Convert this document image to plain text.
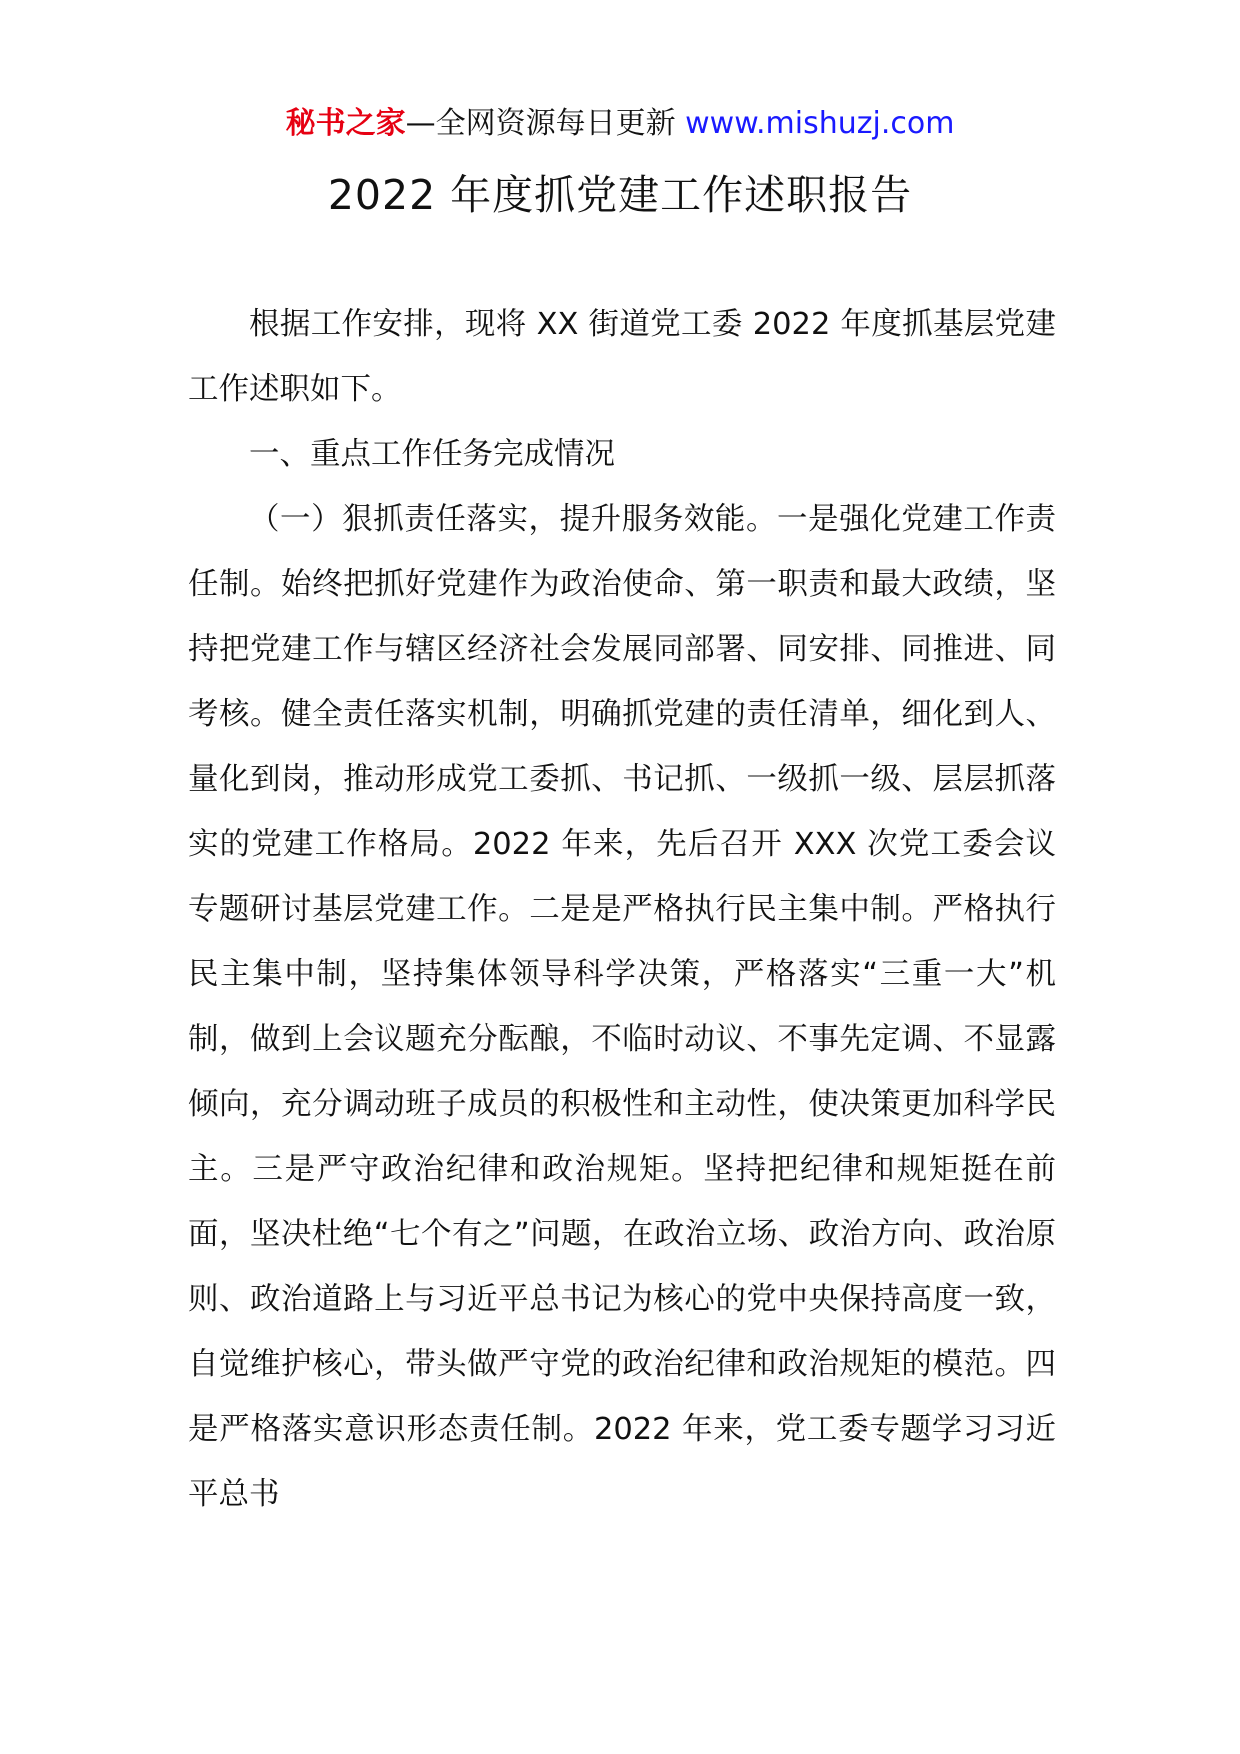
秘书之家—全网资源每日更新 www.mishuzj.com
2022 年度抓党建工作述职报告

根据工作安排，现将 XX 街道党工委 2022 年度抓基层党建工作述职如下。

一、重点工作任务完成情况

（一）狠抓责任落实，提升服务效能。一是强化党建工作责任制。始终把抓好党建作为政治使命、第一职责和最大政绩，坚持把党建工作与辖区经济社会发展同部署、同安排、同推进、同考核。健全责任落实机制，明确抓党建的责任清单，细化到人、量化到岗，推动形成党工委抓、书记抓、一级抓一级、层层抓落实的党建工作格局。2022 年来，先后召开 XXX 次党工委会议专题研讨基层党建工作。二是是严格执行民主集中制。严格执行民主集中制，坚持集体领导科学决策，严格落实“三重一大”机制，做到上会议题充分酝酿，不临时动议、不事先定调、不显露倾向，充分调动班子成员的积极性和主动性，使决策更加科学民主。三是严守政治纪律和政治规矩。坚持把纪律和规矩挺在前面，坚决杜绝“七个有之”问题，在政治立场、政治方向、政治原则、政治道路上与习近平总书记为核心的党中央保持高度一致，自觉维护核心，带头做严守党的政治纪律和政治规矩的模范。四是严格落实意识形态责任制。2022 年来，党工委专题学习习近平总书
